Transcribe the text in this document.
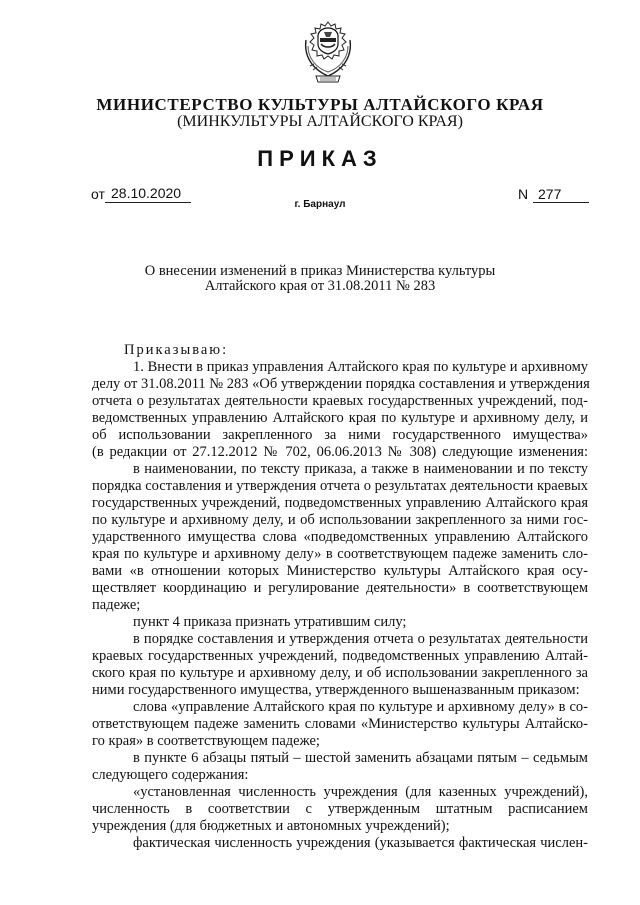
МИНИСТЕРСТВО КУЛЬТУРЫ АЛТАЙСКОГО КРАЯ
(МИНКУЛЬТУРЫ АЛТАЙСКОГО КРАЯ)
ПРИКАЗ
от 28.10.2020	N 277
г. Барнаул
О внесении изменений в приказ Министерства культуры
Алтайского края от 31.08.2011 № 283
Приказываю:
1. Внести в приказ управления Алтайского края по культуре и архивному
делу от 31.08.2011 № 283 «Об утверждении порядка составления и утверждения
отчета о результатах деятельности краевых государственных учреждений, под-
ведомственных управлению Алтайского края по культуре и архивному делу, и
об использовании закрепленного за ними государственного имущества»
(в редакции от 27.12.2012 № 702, 06.06.2013 № 308) следующие изменения:
в наименовании, по тексту приказа, а также в наименовании и по тексту
порядка составления и утверждения отчета о результатах деятельности краевых
государственных учреждений, подведомственных управлению Алтайского края
по культуре и архивному делу, и об использовании закрепленного за ними гос-
ударственного имущества слова «подведомственных управлению Алтайского
края по культуре и архивному делу» в соответствующем падеже заменить сло-
вами «в отношении которых Министерство культуры Алтайского края осу-
ществляет координацию и регулирование деятельности» в соответствующем
падеже;
пункт 4 приказа признать утратившим силу;
в порядке составления и утверждения отчета о результатах деятельности
краевых государственных учреждений, подведомственных управлению Алтай-
ского края по культуре и архивному делу, и об использовании закрепленного за
ними государственного имущества, утвержденного вышеназванным приказом:
слова «управление Алтайского края по культуре и архивному делу» в со-
ответствующем падеже заменить словами «Министерство культуры Алтайско-
го края» в соответствующем падеже;
в пункте 6 абзацы пятый – шестой заменить абзацами пятым – седьмым
следующего содержания:
«установленная численность учреждения (для казенных учреждений),
численность в соответствии с утвержденным штатным расписанием
учреждения (для бюджетных и автономных учреждений);
фактическая численность учреждения (указывается фактическая числен-
